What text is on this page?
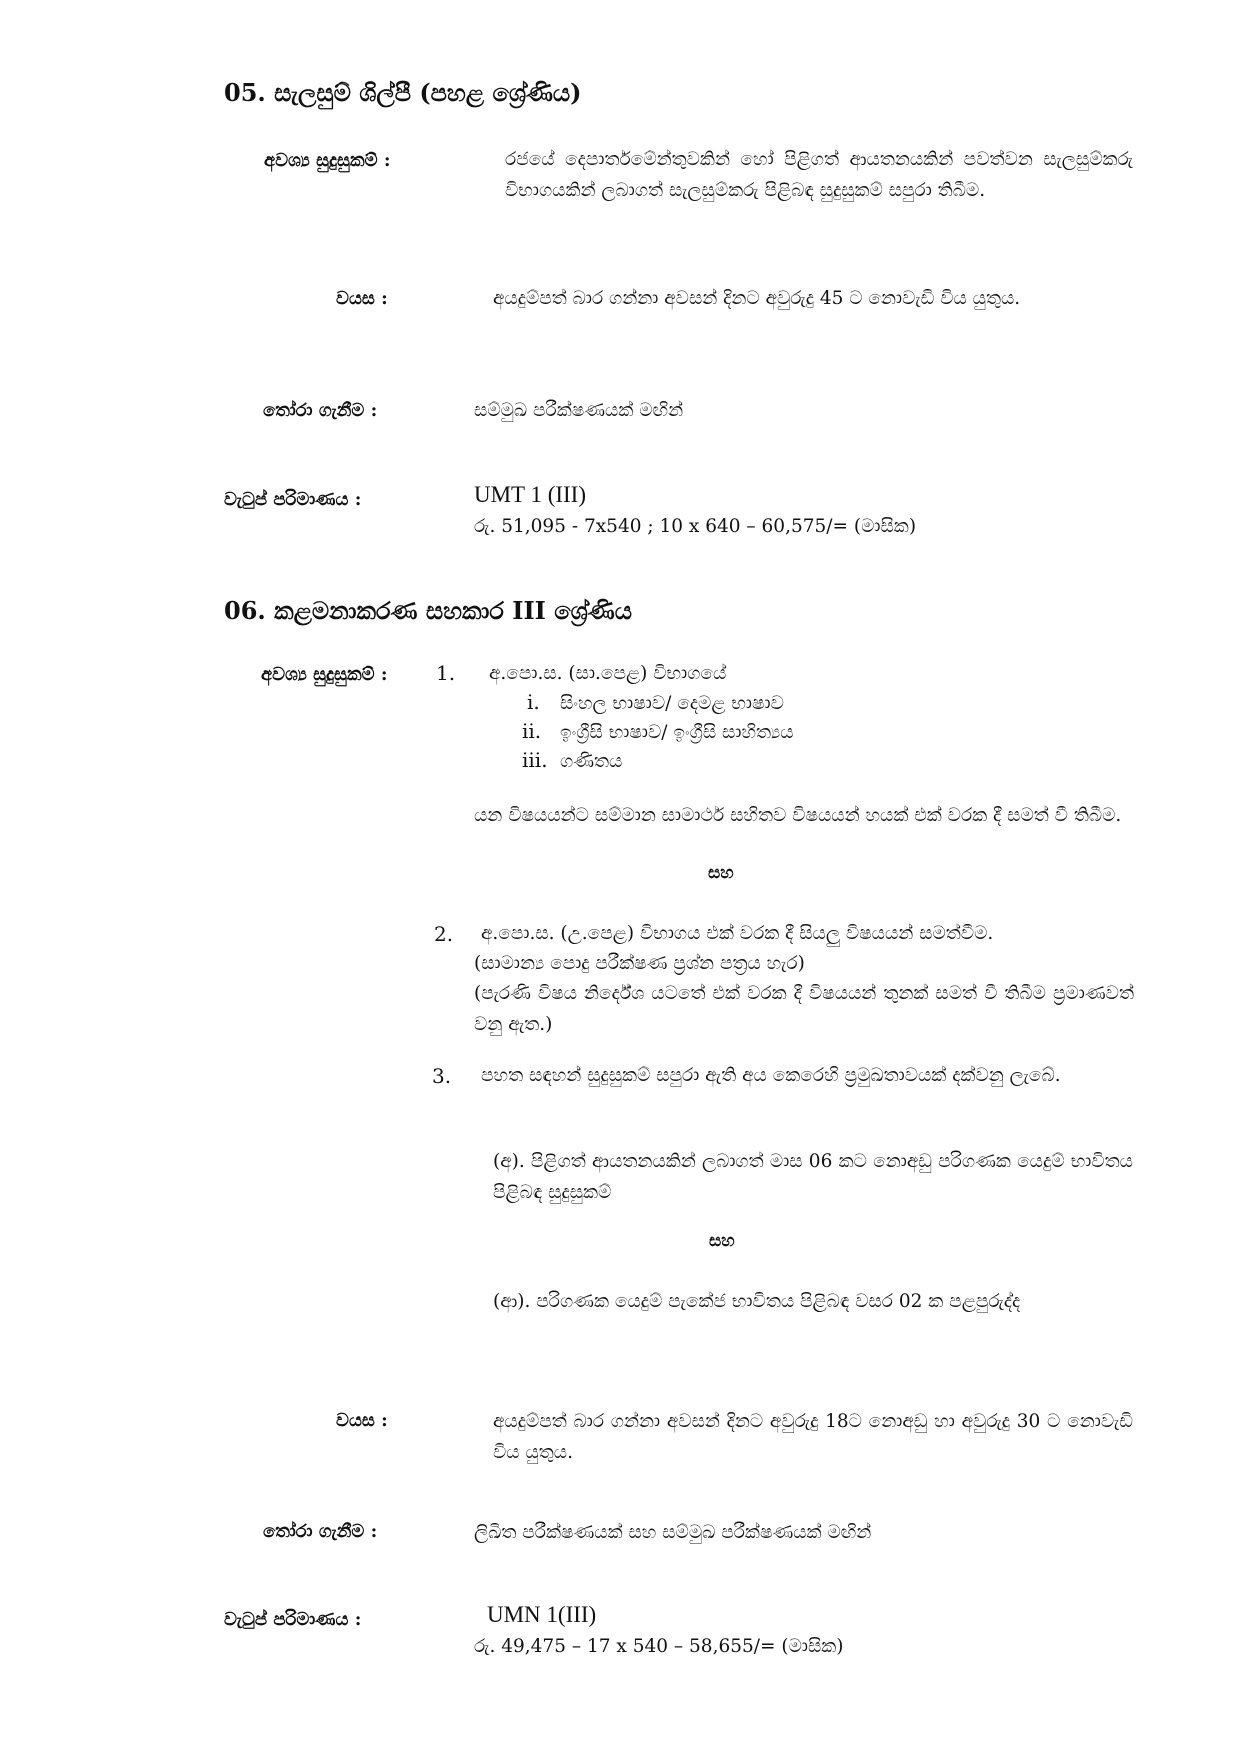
05. සැලසුම් ශිල්පී (පහළ ශ්‍රේණිය)
අවශ්‍ය සුදුසුකම් :	රජයේ දෙපාර්තමේන්තුවකින් හෝ පිළිගත් ආයතනයකින් පවත්වන සැලසුම්කරු විභාගයකින් ලබාගත් සැලසුම්කරු පිළිබඳ සුදුසුකම් සපුරා තිබීම.
වයස :	අයදුම්පත් බාර ගන්නා අවසන් දිනට අවුරුදු 45 ට නොවැඩි විය යුතුය.
තෝරා ගැනීම :	සම්මුඛ පරීක්ෂණයක් මඟින්
වැටුප් පරිමාණය :	UMT 1 (III)
රු. 51,095 - 7x540 ; 10 x 640 – 60,575/= (මාසික)
06. කළමනාකරණ සහකාර III ශ්‍රේණිය
අවශ්‍ය සුදුසුකම් : 1. අ.පො.ස. (සා.පෙළ) විභාගයේ
i. සිංහල භාෂාව/ දෙමළ භාෂාව
ii. ඉංග්‍රීසි භාෂාව/ ඉංග්‍රීසි සාහිත්‍යය
iii. ගණිතය
යන විෂයයන්ට සම්මාන සාමාර්ථ සහිතව විෂයයන් හයක් එක් වරක දී සමත් වී තිබීම.
සහ
2. අ.පො.ස. (උ.පෙළ) විභාගය එක් වරක දී සියලු විෂයයන් සමත්වීම.
(සාමාන්‍ය පොදු පරීක්ෂණ ප්‍රශ්න පත්‍රය හැර)
(පැරණි විෂය නිර්දේශ යටතේ එක් වරක දී විෂයයන් තුනක් සමත් වී තිබීම ප්‍රමාණවත් වනු ඇත.)
3. පහත සඳහන් සුදුසුකම් සපුරා ඇති අය කෙරෙහි ප්‍රමුඛතාවයක් දක්වනු ලැබේ.
(අ). පිළිගත් ආයතනයකින් ලබාගත් මාස 06 කට නොඅඩු පරිගණක යෙදුම් භාවිතය පිළිබඳ සුදුසුකම්
සහ
(ආ). පරිගණක යෙදුම් පැකේජ භාවිතය පිළිබඳ වසර 02 ක පළපුරුද්ද
වයස :	අයදුම්පත් බාර ගන්නා අවසන් දිනට අවුරුදු 18ට නොඅඩු හා අවුරුදු 30 ට නොවැඩි විය යුතුය.
තෝරා ගැනීම :	ලිඛිත පරීක්ෂණයක් සහ සම්මුඛ පරීක්ෂණයක් මඟින්
වැටුප් පරිමාණය :	UMN 1(III)
රු. 49,475 – 17 x 540 – 58,655/= (මාසික)
